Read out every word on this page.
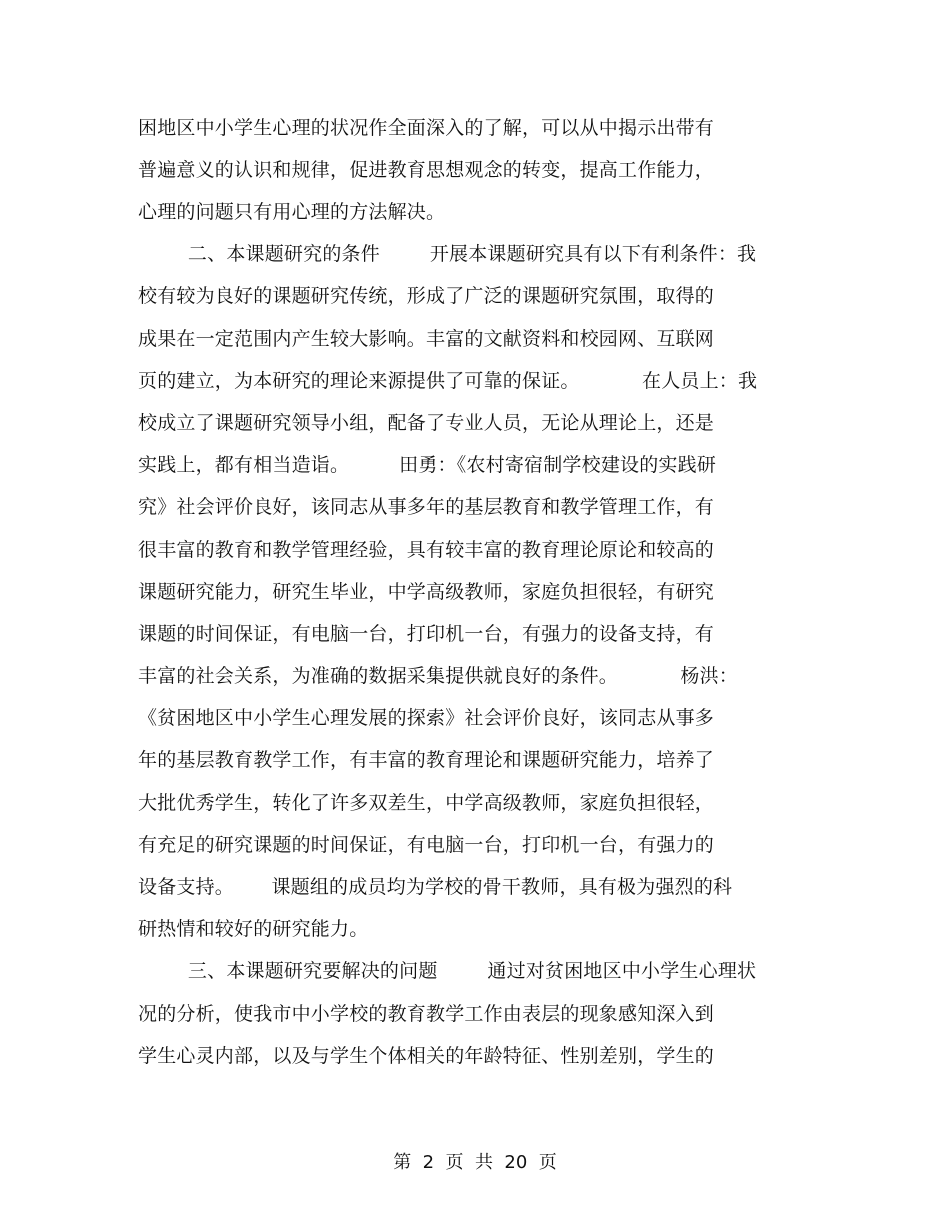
困地区中小学生心理的状况作全面深入的了解，可以从中揭示出带有
普遍意义的认识和规律，促进教育思想观念的转变，提高工作能力，
心理的问题只有用心理的方法解决。
二、本课题研究的条件        开展本课题研究具有以下有利条件：我
校有较为良好的课题研究传统，形成了广泛的课题研究氛围，取得的
成果在一定范围内产生较大影响。丰富的文献资料和校园网、互联网
页的建立，为本研究的理论来源提供了可靠的保证。          在人员上：我
校成立了课题研究领导小组，配备了专业人员，无论从理论上，还是
实践上，都有相当造诣。        田勇：《农村寄宿制学校建设的实践研
究》社会评价良好，该同志从事多年的基层教育和教学管理工作，有
很丰富的教育和教学管理经验，具有较丰富的教育理论原论和较高的
课题研究能力，研究生毕业，中学高级教师，家庭负担很轻，有研究
课题的时间保证，有电脑一台，打印机一台，有强力的设备支持，有
丰富的社会关系，为准确的数据采集提供就良好的条件。          杨洪：
《贫困地区中小学生心理发展的探索》社会评价良好，该同志从事多
年的基层教育教学工作，有丰富的教育理论和课题研究能力，培养了
大批优秀学生，转化了许多双差生，中学高级教师，家庭负担很轻，
有充足的研究课题的时间保证，有电脑一台，打印机一台，有强力的
设备支持。      课题组的成员均为学校的骨干教师，具有极为强烈的科
研热情和较好的研究能力。
三、本课题研究要解决的问题        通过对贫困地区中小学生心理状
况的分析，使我市中小学校的教育教学工作由表层的现象感知深入到
学生心灵内部，以及与学生个体相关的年龄特征、性别差别，学生的
第  2  页  共  20  页
